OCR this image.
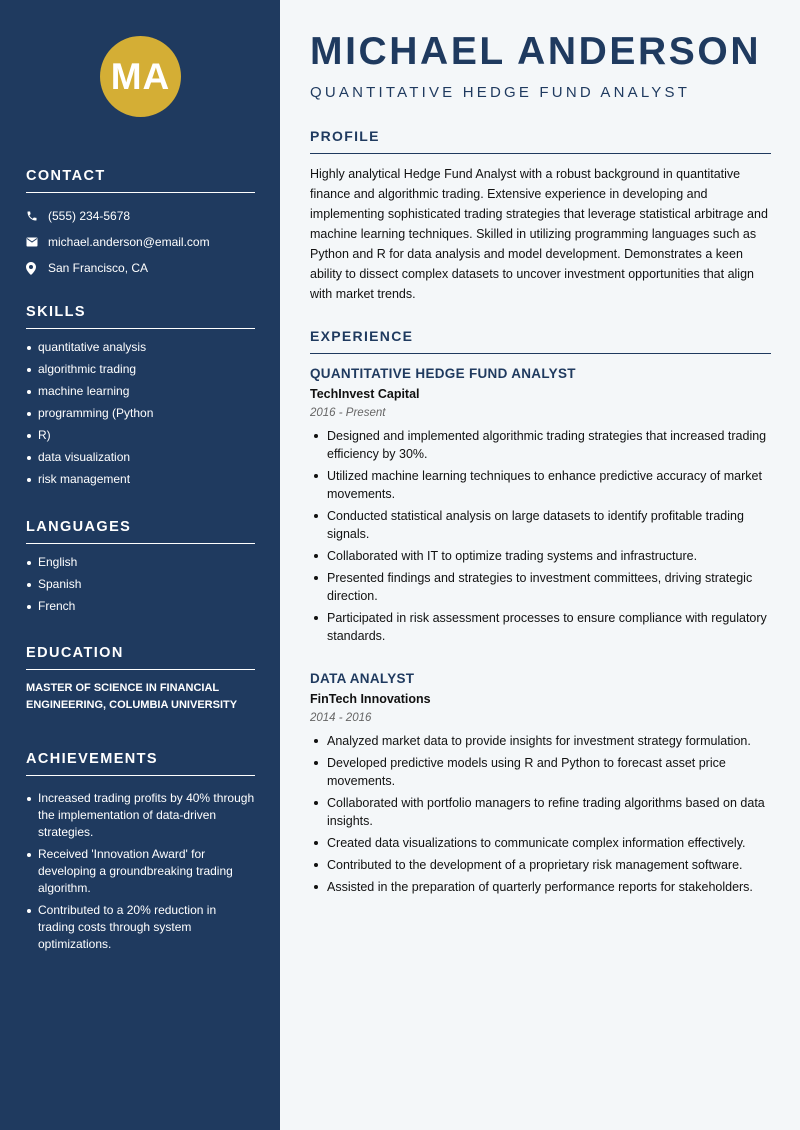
MA
CONTACT
(555) 234-5678
michael.anderson@email.com
San Francisco, CA
SKILLS
quantitative analysis
algorithmic trading
machine learning
programming (Python
R)
data visualization
risk management
LANGUAGES
English
Spanish
French
EDUCATION
MASTER OF SCIENCE IN FINANCIAL ENGINEERING, COLUMBIA UNIVERSITY
ACHIEVEMENTS
Increased trading profits by 40% through the implementation of data-driven strategies.
Received 'Innovation Award' for developing a groundbreaking trading algorithm.
Contributed to a 20% reduction in trading costs through system optimizations.
MICHAEL ANDERSON
QUANTITATIVE HEDGE FUND ANALYST
PROFILE
Highly analytical Hedge Fund Analyst with a robust background in quantitative finance and algorithmic trading. Extensive experience in developing and implementing sophisticated trading strategies that leverage statistical arbitrage and machine learning techniques. Skilled in utilizing programming languages such as Python and R for data analysis and model development. Demonstrates a keen ability to dissect complex datasets to uncover investment opportunities that align with market trends.
EXPERIENCE
QUANTITATIVE HEDGE FUND ANALYST
TechInvest Capital
2016 - Present
Designed and implemented algorithmic trading strategies that increased trading efficiency by 30%.
Utilized machine learning techniques to enhance predictive accuracy of market movements.
Conducted statistical analysis on large datasets to identify profitable trading signals.
Collaborated with IT to optimize trading systems and infrastructure.
Presented findings and strategies to investment committees, driving strategic direction.
Participated in risk assessment processes to ensure compliance with regulatory standards.
DATA ANALYST
FinTech Innovations
2014 - 2016
Analyzed market data to provide insights for investment strategy formulation.
Developed predictive models using R and Python to forecast asset price movements.
Collaborated with portfolio managers to refine trading algorithms based on data insights.
Created data visualizations to communicate complex information effectively.
Contributed to the development of a proprietary risk management software.
Assisted in the preparation of quarterly performance reports for stakeholders.
